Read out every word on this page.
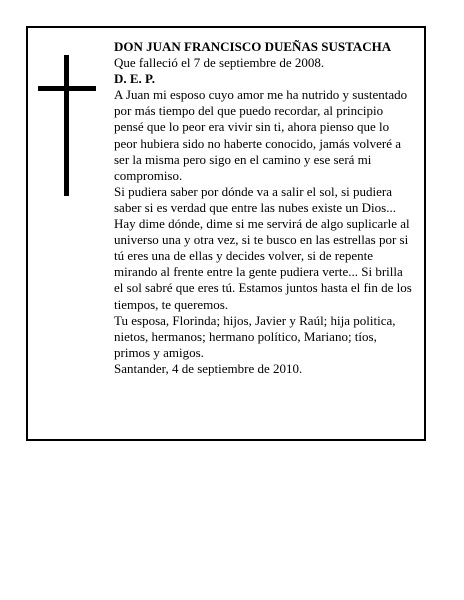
DON JUAN FRANCISCO DUEÑAS SUSTACHA

Que falleció el 7 de septiembre de 2008.

D. E. P.

A Juan mi esposo cuyo amor me ha nutrido y sustentado por más tiempo del que puedo recordar, al principio pensé que lo peor era vivir sin ti, ahora pienso que lo peor hubiera sido no haberte conocido, jamás volveré a ser la misma pero sigo en el camino y ese será mi compromiso.

Si pudiera saber por dónde va a salir el sol, si pudiera saber si es verdad que entre las nubes existe un Dios... Hay dime dónde, dime si me servirá de algo suplicarle al universo una y otra vez, si te busco en las estrellas por si tú eres una de ellas y decides volver, si de repente mirando al frente entre la gente pudiera verte... Si brilla el sol sabré que eres tú. Estamos juntos hasta el fin de los tiempos, te queremos.

Tu esposa, Florinda; hijos, Javier y Raúl; hija politica, nietos, hermanos; hermano político, Mariano; tíos, primos y amigos.

Santander, 4 de septiembre de 2010.
